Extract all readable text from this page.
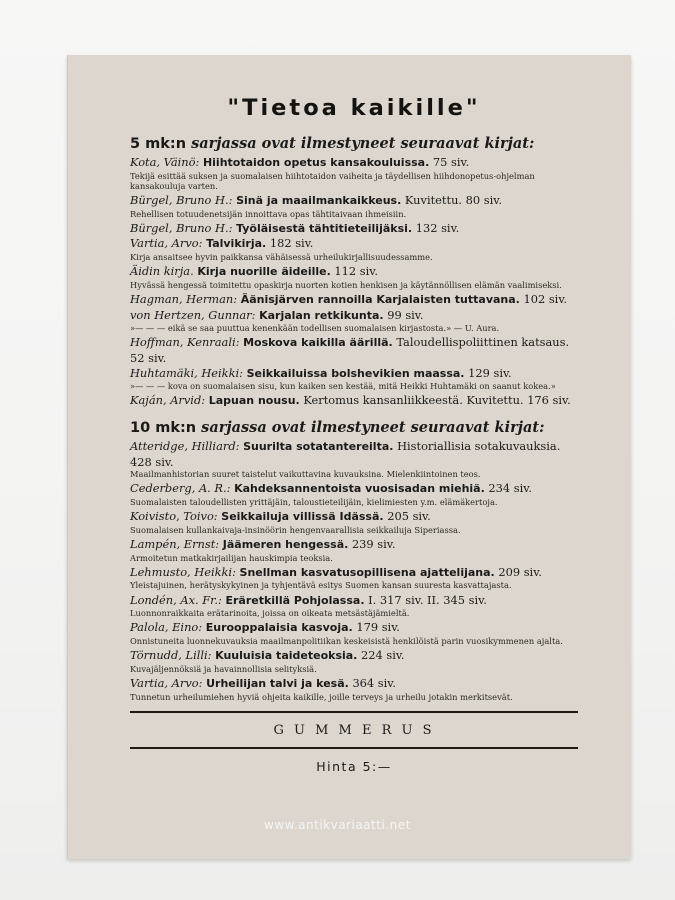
"Tietoa kaikille"
5 mk:n sarjassa ovat ilmestyneet seuraavat kirjat:
Kota, Väinö: Hiihtotaidon opetus kansakouluissa. 75 siv.
Tekijä esittää suksen ja suomalaisen hiihtotaidon vaiheita ja täydellisen hiihdonopetus-ohjelman kansakouluja varten.
Bürgel, Bruno H.: Sinä ja maailmankaikkeus. Kuvitettu. 80 siv.
Rehellisen totuudenetsijän innoittava opas tähtitaivaan ihmeisiin.
Bürgel, Bruno H.: Työläisestä tähtitieteilijäksi. 132 siv.
Vartia, Arvo: Talvikirja. 182 siv.
Kirja ansaitsee hyvin paikkansa vähäisessä urheilukirjallisuudessamme.
Äidin kirja. Kirja nuorille äideille. 112 siv.
Hyvässä hengessä toimitettu opaskirja nuorten kotien henkisen ja käytännöllisen elämän vaalimiseksi.
Hagman, Herman: Äänisjärven rannoilla Karjalaisten tuttavana. 102 siv.
von Hertzen, Gunnar: Karjalan retkikunta. 99 siv.
»— — — eikä se saa puuttua kenenkään todellisen suomalaisen kirjastosta.» — U. Aura.
Hoffman, Kenraali: Moskova kaikilla äärillä. Taloudellispoliittinen katsaus. 52 siv.
Huhtamäki, Heikki: Seikkailuissa bolshevikien maassa. 129 siv.
»— — — kova on suomalaisen sisu, kun kaiken sen kestää, mitä Heikki Huhtamäki on saanut kokea.»
Kaján, Arvid: Lapuan nousu. Kertomus kansanliikkeestä. Kuvitettu. 176 siv.
10 mk:n sarjassa ovat ilmestyneet seuraavat kirjat:
Atteridge, Hilliard: Suurilta sotatantereilta. Historiallisia sotakuvauksia. 428 siv.
Maailmanhistorian suuret taistelut vaikuttavina kuvauksina. Mielenkiintoinen teos.
Cederberg, A. R.: Kahdeksannentoista vuosisadan miehiä. 234 siv.
Suomalaisten taloudellisten yrittäjäin, taloustieteilijäin, kielimiesten y.m. elämäkertoja.
Koivisto, Toivo: Seikkailuja villissä Idässä. 205 siv.
Suomalaisen kullankaivaja-insinöörin hengenvaarallisia seikkailuja Siperiassa.
Lampén, Ernst: Jäämeren hengessä. 239 siv.
Armoitetun matkakirjailijan hauskimpia teoksia.
Lehmusto, Heikki: Snellman kasvatusopillisena ajattelijana. 209 siv.
Yleistajuinen, herätyskykyinen ja tyhjentävä esitys Suomen kansan suuresta kasvattajasta.
Londén, Ax. Fr.: Eräretkillä Pohjolassa. I. 317 siv. II. 345 siv.
Luonnonraikkaita erätarinoita, joissa on oikeata metsästäjämieltä.
Palola, Eino: Eurooppalaisia kasvoja. 179 siv.
Onnistuneita luonnekuvauksia maailmanpolitiikan keskeisistä henkilöistä parin vuosikymmenen ajalta.
Törnudd, Lilli: Kuuluisia taideteoksia. 224 siv.
Kuvajäljennöksiä ja havainnollisia selityksiä.
Vartia, Arvo: Urheilijan talvi ja kesä. 364 siv.
Tunnetun urheilumiehen hyviä ohjeita kaikille, joille terveys ja urheilu jotakin merkitsevät.
G U M M E R U S
Hinta 5:—
www.antikvariaatti.net
